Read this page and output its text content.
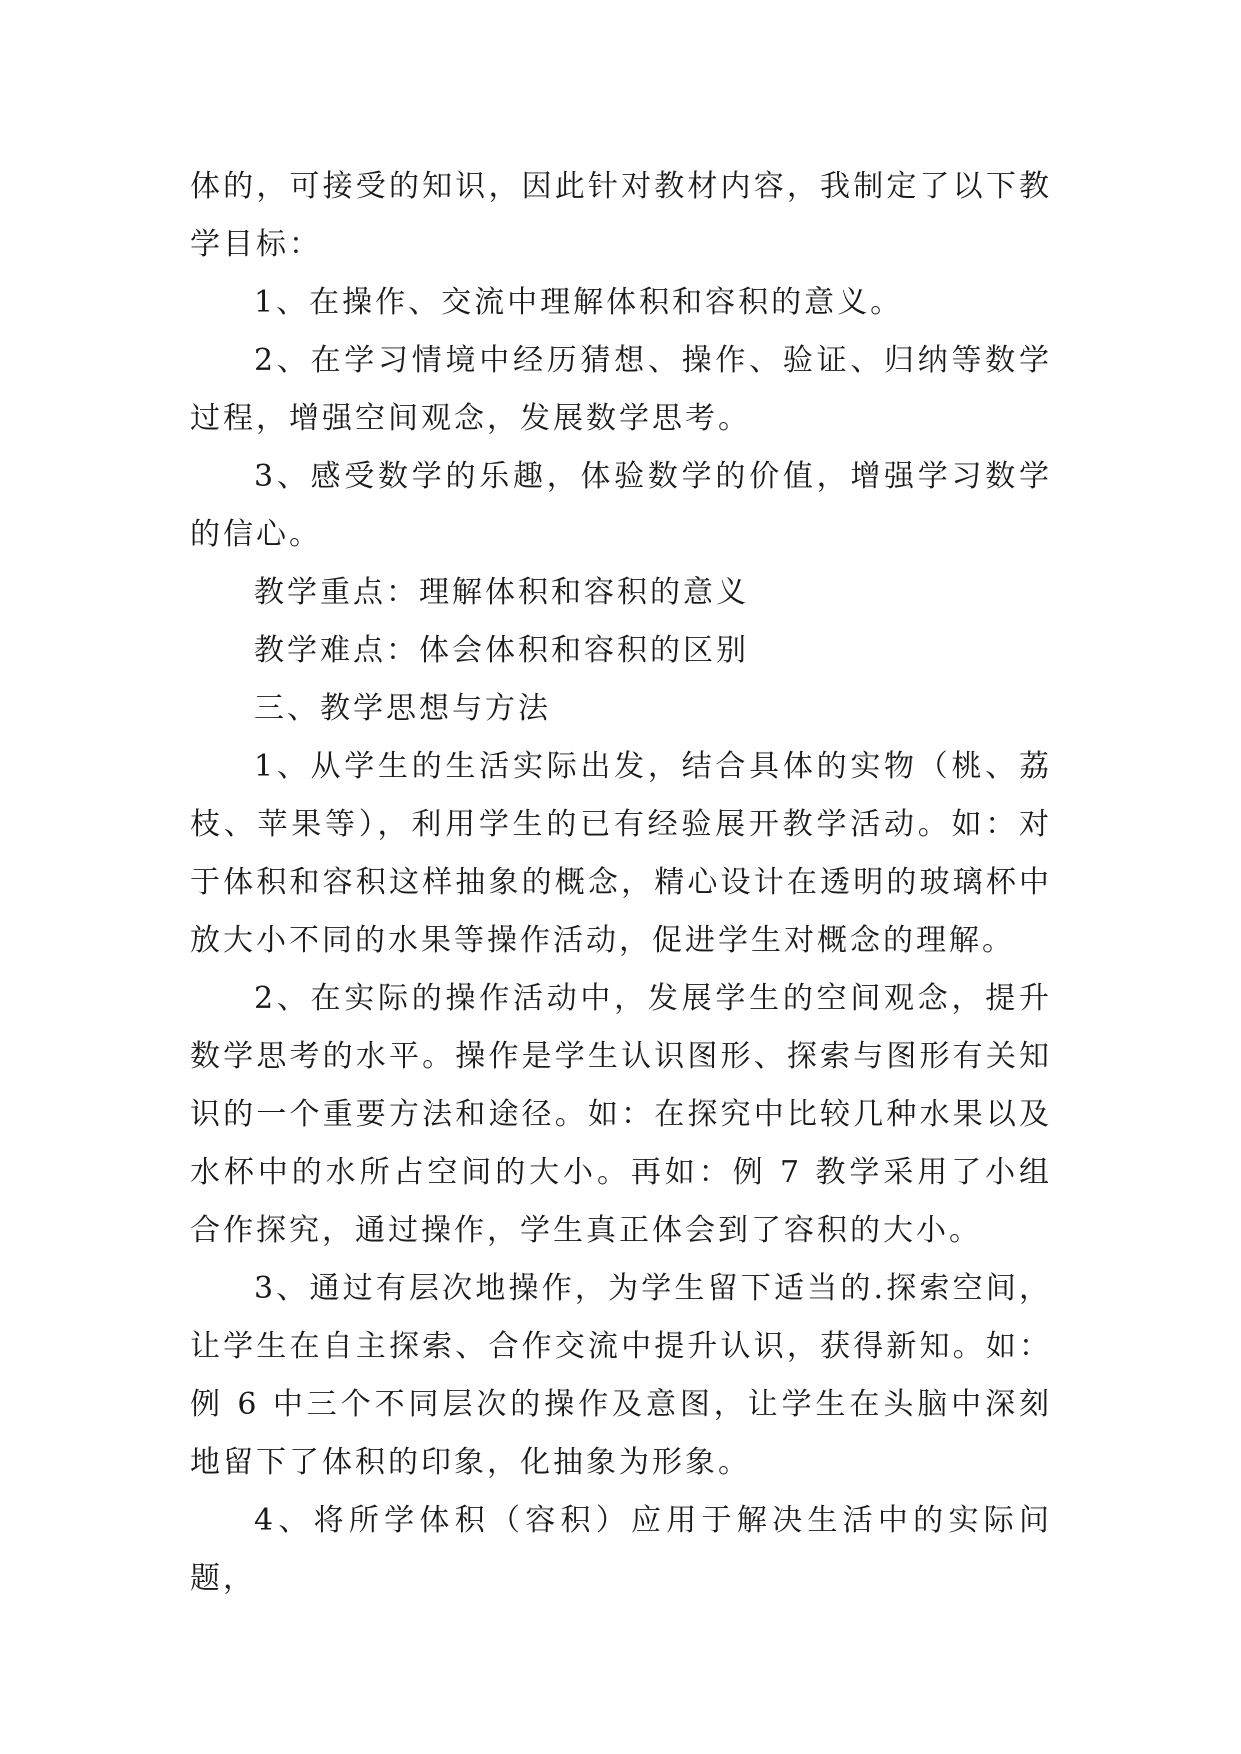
体的，可接受的知识，因此针对教材内容，我制定了以下教学目标：

1、在操作、交流中理解体积和容积的意义。

2、在学习情境中经历猜想、操作、验证、归纳等数学过程，增强空间观念，发展数学思考。

3、感受数学的乐趣，体验数学的价值，增强学习数学的信心。

教学重点：理解体积和容积的意义

教学难点：体会体积和容积的区别

三、教学思想与方法

1、从学生的生活实际出发，结合具体的实物（桃、荔枝、苹果等），利用学生的已有经验展开教学活动。如：对于体积和容积这样抽象的概念，精心设计在透明的玻璃杯中放大小不同的水果等操作活动，促进学生对概念的理解。

2、在实际的操作活动中，发展学生的空间观念，提升数学思考的水平。操作是学生认识图形、探索与图形有关知识的一个重要方法和途径。如：在探究中比较几种水果以及水杯中的水所占空间的大小。再如：例 7 教学采用了小组合作探究，通过操作，学生真正体会到了容积的大小。

3、通过有层次地操作，为学生留下适当的.探索空间，让学生在自主探索、合作交流中提升认识，获得新知。如：例 6 中三个不同层次的操作及意图，让学生在头脑中深刻地留下了体积的印象，化抽象为形象。

4、将所学体积（容积）应用于解决生活中的实际问题，
